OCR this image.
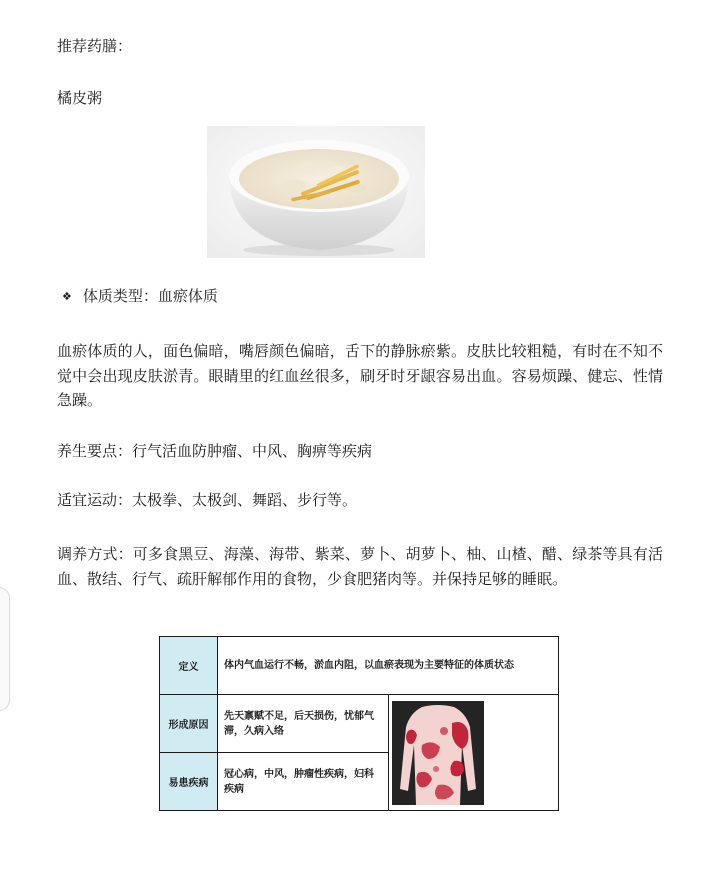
推荐药膳：

橘皮粥

❖ 体质类型：血瘀体质

血瘀体质的人，面色偏暗，嘴唇颜色偏暗，舌下的静脉瘀紫。皮肤比较粗糙，有时在不知不觉中会出现皮肤淤青。眼睛里的红血丝很多，刷牙时牙龈容易出血。容易烦躁、健忘、性情急躁。

养生要点：行气活血防肿瘤、中风、胸痹等疾病

适宜运动：太极拳、太极剑、舞蹈、步行等。

调养方式：可多食黑豆、海藻、海带、紫菜、萝卜、胡萝卜、柚、山楂、醋、绿茶等具有活血、散结、行气、疏肝解郁作用的食物，少食肥猪肉等。并保持足够的睡眠。

定义	体内气血运行不畅，淤血内阻，以血瘀表现为主要特征的体质状态	
形成原因	先天禀赋不足，后天损伤，忧郁气滞，久病入络	

易患疾病	冠心病，中风，肿瘤性疾病，妇科疾病	
